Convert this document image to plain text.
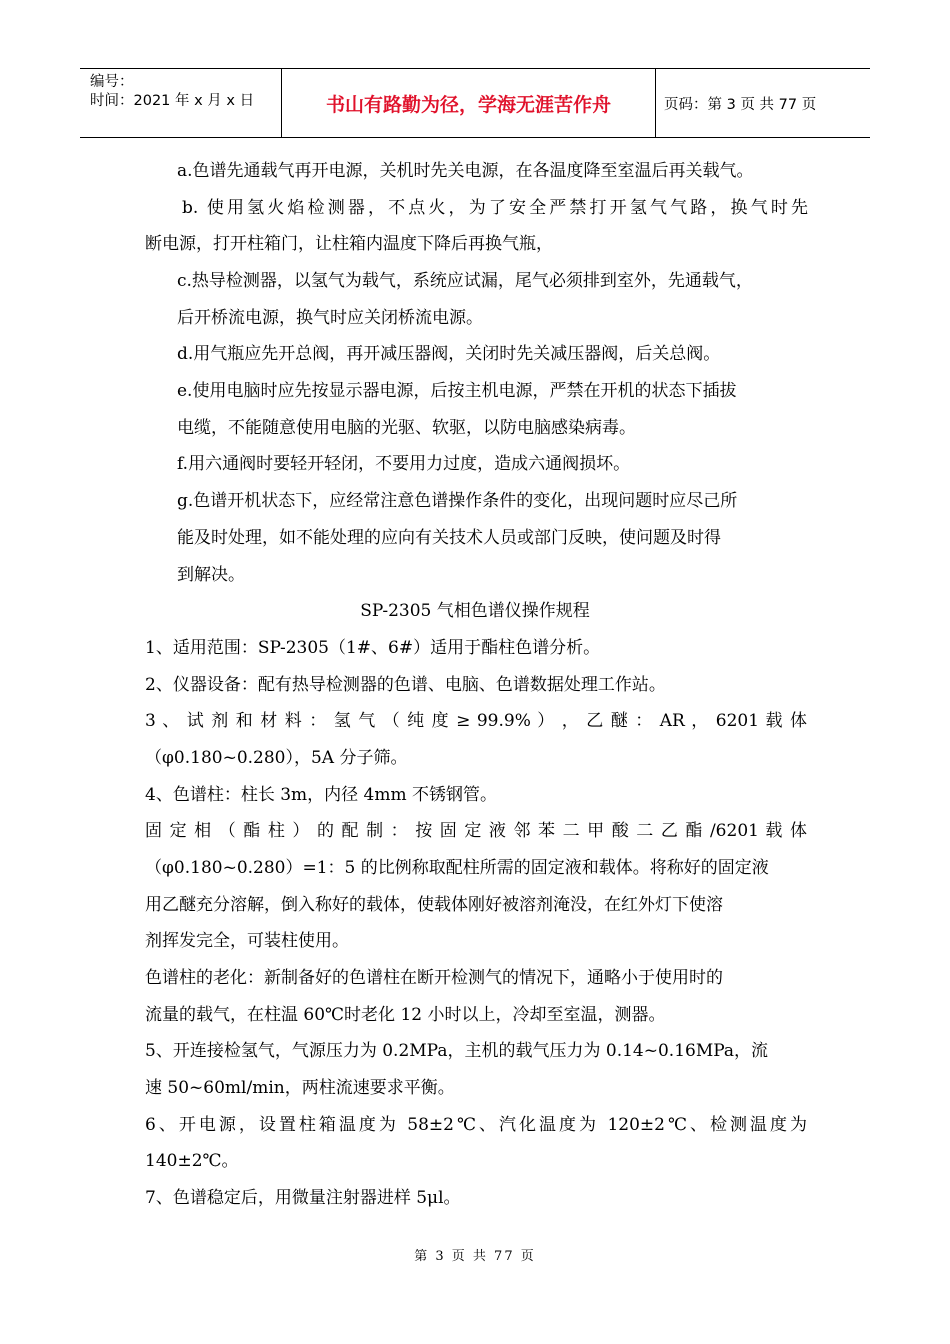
编号：
时间：2021 年 x 月 x 日	书山有路勤为径，学海无涯苦作舟	页码：第 3 页 共 77 页
a.色谱先通载气再开电源，关机时先关电源，在各温度降至室温后再关载气。
b. 使用氢火焰检测器，不点火，为了安全严禁打开氢气气路，换气时先
断电源，打开柱箱门，让柱箱内温度下降后再换气瓶，
c.热导检测器，以氢气为载气，系统应试漏，尾气必须排到室外，先通载气，
后开桥流电源，换气时应关闭桥流电源。
d.用气瓶应先开总阀，再开减压器阀，关闭时先关减压器阀，后关总阀。
e.使用电脑时应先按显示器电源，后按主机电源，严禁在开机的状态下插拔
电缆，不能随意使用电脑的光驱、软驱，以防电脑感染病毒。
f.用六通阀时要轻开轻闭，不要用力过度，造成六通阀损坏。
g.色谱开机状态下，应经常注意色谱操作条件的变化，出现问题时应尽己所
能及时处理，如不能处理的应向有关技术人员或部门反映，使问题及时得
到解决。
SP-2305 气相色谱仪操作规程
1、适用范围：SP-2305（1#、6#）适用于酯柱色谱分析。
2、仪器设备：配有热导检测器的色谱、电脑、色谱数据处理工作站。
3 、 试 剂 和 材 料 ： 氢 气 （ 纯 度 ≥ 99.9% ） ， 乙 醚 ： AR ， 6201 载 体
（φ0.180~0.280），5A 分子筛。
4、色谱柱：柱长 3m，内径 4mm 不锈钢管。
固 定 相 （ 酯 柱 ） 的 配 制 ： 按 固 定 液 邻 苯 二 甲 酸 二 乙 酯 /6201 载 体
（φ0.180~0.280）=1：5 的比例称取配柱所需的固定液和载体。将称好的固定液
用乙醚充分溶解，倒入称好的载体，使载体刚好被溶剂淹没，在红外灯下使溶
剂挥发完全，可装柱使用。
色谱柱的老化：新制备好的色谱柱在断开检测气的情况下，通略小于使用时的
流量的载气，在柱温 60℃时老化 12 小时以上，冷却至室温，测器。
5、开连接检氢气，气源压力为 0.2MPa，主机的载气压力为 0.14~0.16MPa，流
速 50~60ml/min，两柱流速要求平衡。
6、开电源，设置柱箱温度为 58±2℃、汽化温度为 120±2℃、检测温度为
140±2℃。
7、色谱稳定后，用微量注射器进样 5μl。
第 3 页 共 77 页
